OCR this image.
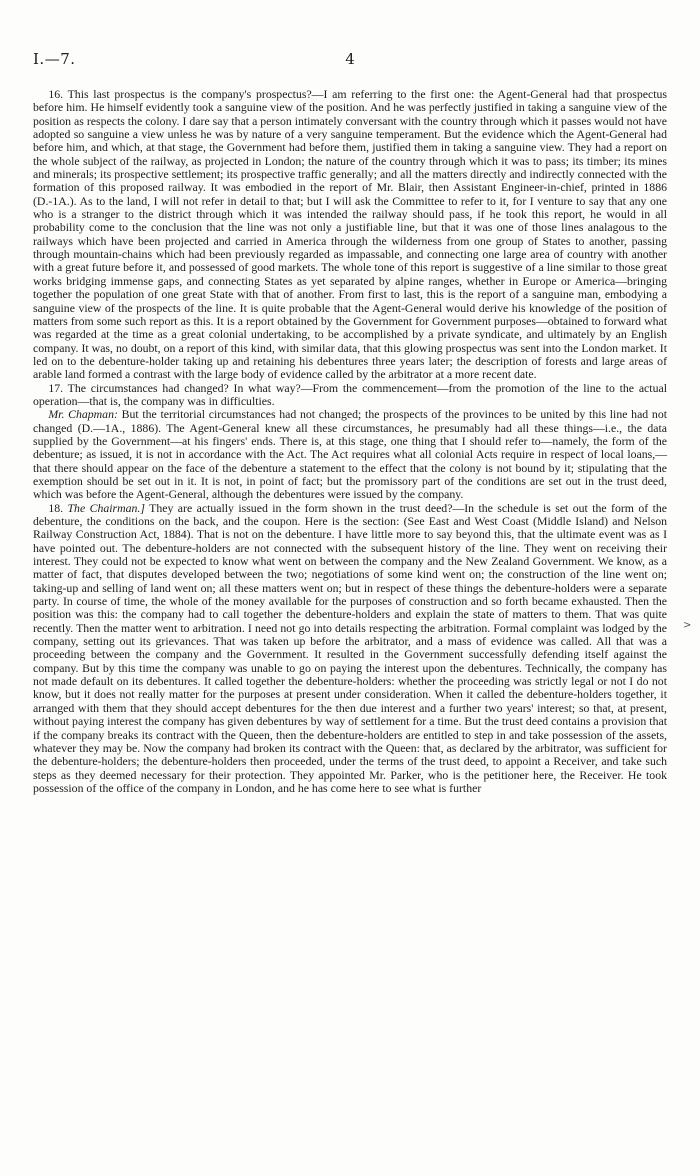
I.—7.	4

16. This last prospectus is the company's prospectus?—I am referring to the first one: the Agent-General had that prospectus before him. He himself evidently took a sanguine view of the position. And he was perfectly justified in taking a sanguine view of the position as respects the colony. I dare say that a person intimately conversant with the country through which it passes would not have adopted so sanguine a view unless he was by nature of a very sanguine temperament. But the evidence which the Agent-General had before him, and which, at that stage, the Government had before them, justified them in taking a sanguine view. They had a report on the whole subject of the railway, as projected in London; the nature of the country through which it was to pass; its timber; its mines and minerals; its prospective settlement; its prospective traffic generally; and all the matters directly and indirectly connected with the formation of this proposed railway. It was embodied in the report of Mr. Blair, then Assistant Engineer-in-chief, printed in 1886 (D.-1A.). As to the land, I will not refer in detail to that; but I will ask the Committee to refer to it, for I venture to say that any one who is a stranger to the district through which it was intended the railway should pass, if he took this report, he would in all probability come to the conclusion that the line was not only a justifiable line, but that it was one of those lines analagous to the railways which have been projected and carried in America through the wilderness from one group of States to another, passing through mountain-chains which had been previously regarded as impassable, and connecting one large area of country with another with a great future before it, and possessed of good markets. The whole tone of this report is suggestive of a line similar to those great works bridging immense gaps, and connecting States as yet separated by alpine ranges, whether in Europe or America—bringing together the population of one great State with that of another. From first to last, this is the report of a sanguine man, embodying a sanguine view of the prospects of the line. It is quite probable that the Agent-General would derive his knowledge of the position of matters from some such report as this. It is a report obtained by the Government for Government purposes—obtained to forward what was regarded at the time as a great colonial undertaking, to be accomplished by a private syndicate, and ultimately by an English company. It was, no doubt, on a report of this kind, with similar data, that this glowing prospectus was sent into the London market. It led on to the debenture-holder taking up and retaining his debentures three years later; the description of forests and large areas of arable land formed a contrast with the large body of evidence called by the arbitrator at a more recent date.

17. The circumstances had changed? In what way?—From the commencement—from the promotion of the line to the actual operation—that is, the company was in difficulties.

Mr. Chapman: But the territorial circumstances had not changed; the prospects of the provinces to be united by this line had not changed (D.—1A., 1886). The Agent-General knew all these circumstances, he presumably had all these things—i.e., the data supplied by the Government—at his fingers' ends. There is, at this stage, one thing that I should refer to—namely, the form of the debenture; as issued, it is not in accordance with the Act. The Act requires what all colonial Acts require in respect of local loans,—that there should appear on the face of the debenture a statement to the effect that the colony is not bound by it; stipulating that the exemption should be set out in it. It is not, in point of fact; but the promissory part of the conditions are set out in the trust deed, which was before the Agent-General, although the debentures were issued by the company.

18. The Chairman.] They are actually issued in the form shown in the trust deed?—In the schedule is set out the form of the debenture, the conditions on the back, and the coupon. Here is the section: (See East and West Coast (Middle Island) and Nelson Railway Construction Act, 1884). That is not on the debenture. I have little more to say beyond this, that the ultimate event was as I have pointed out. The debenture-holders are not connected with the subsequent history of the line. They went on receiving their interest. They could not be expected to know what went on between the company and the New Zealand Government. We know, as a matter of fact, that disputes developed between the two; negotiations of some kind went on; the construction of the line went on; taking-up and selling of land went on; all these matters went on; but in respect of these things the debenture-holders were a separate party. In course of time, the whole of the money available for the purposes of construction and so forth became exhausted. Then the position was this: the company had to call together the debenture-holders and explain the state of matters to them. That was quite recently. Then the matter went to arbitration. I need not go into details respecting the arbitration. Formal complaint was lodged by the company, setting out its grievances. That was taken up before the arbitrator, and a mass of evidence was called. All that was a proceeding between the company and the Government. It resulted in the Government successfully defending itself against the company. But by this time the company was unable to go on paying the interest upon the debentures. Technically, the company has not made default on its debentures. It called together the debenture-holders: whether the proceeding was strictly legal or not I do not know, but it does not really matter for the purposes at present under consideration. When it called the debenture-holders together, it arranged with them that they should accept debentures for the then due interest and a further two years' interest; so that, at present, without paying interest the company has given debentures by way of settlement for a time. But the trust deed contains a provision that if the company breaks its contract with the Queen, then the debenture-holders are entitled to step in and take possession of the assets, whatever they may be. Now the company had broken its contract with the Queen: that, as declared by the arbitrator, was sufficient for the debenture-holders; the debenture-holders then proceeded, under the terms of the trust deed, to appoint a Receiver, and take such steps as they deemed necessary for their protection. They appointed Mr. Parker, who is the petitioner here, the Receiver. He took possession of the office of the company in London, and he has come here to see what is further

>
